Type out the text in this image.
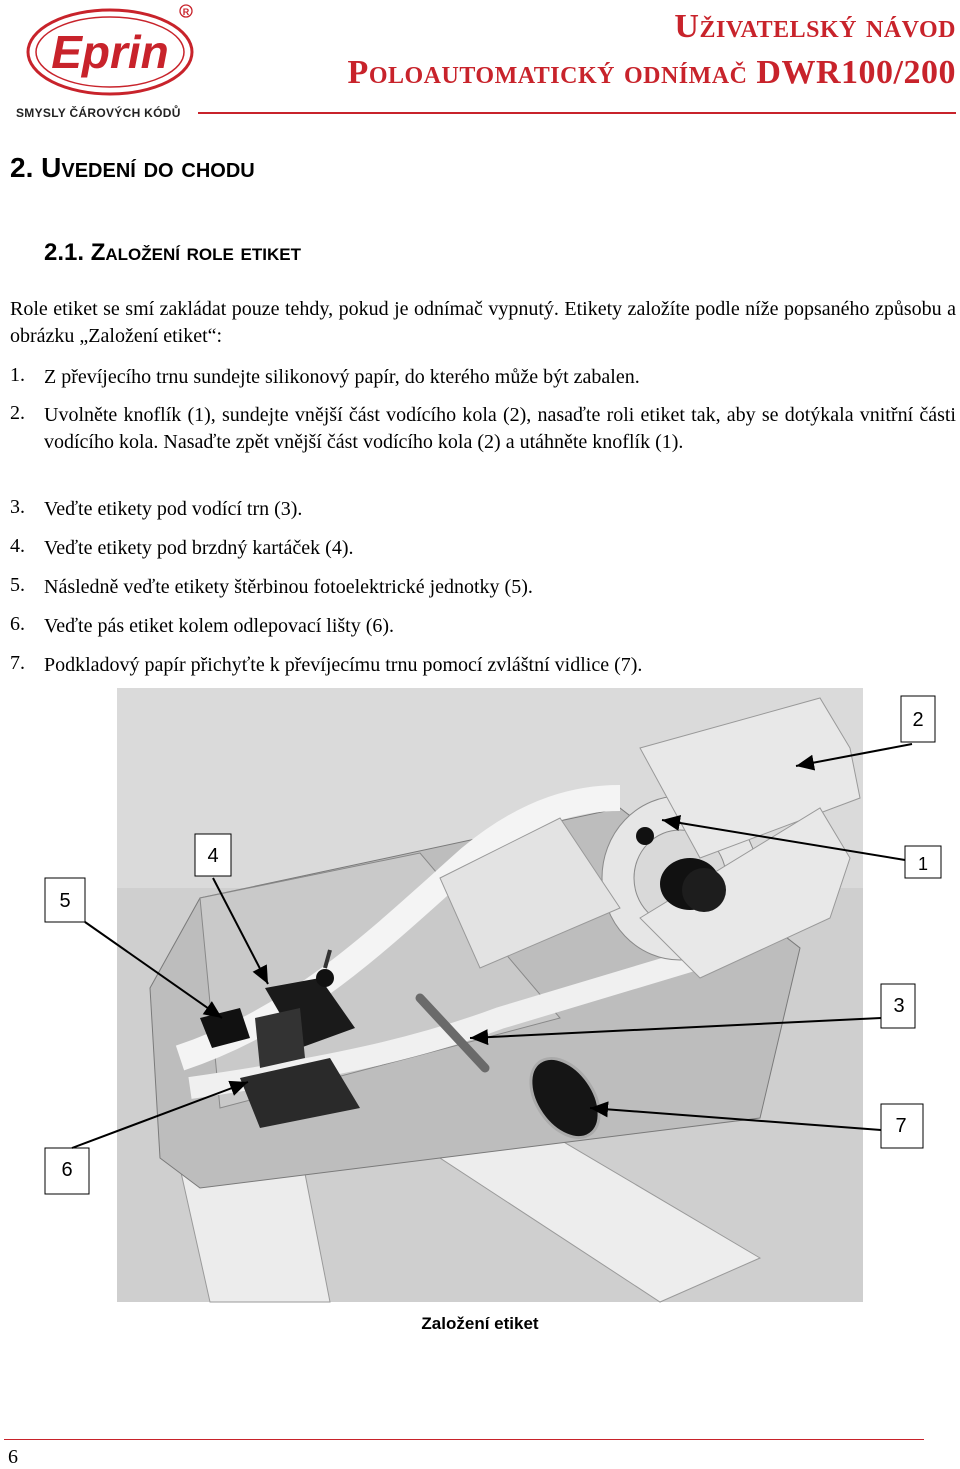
Eprin
R
SMYSLY ČÁROVÝCH KÓDŮ
Uživatelský návod
Poloautomatický odnímač DWR100/200
2. Uvedení do chodu
2.1. Založení role etiket
Role etiket se smí zakládat pouze tehdy, pokud je odnímač vypnutý. Etikety založíte podle níže popsaného způsobu a obrázku „Založení etiket“:
1. Z převíjecího trnu sundejte silikonový papír, do kterého může být zabalen.
2. Uvolněte knoflík (1), sundejte vnější část vodícího kola (2), nasaďte roli etiket tak, aby se dotýkala vnitřní části vodícího kola. Nasaďte zpět vnější část vodícího kola (2) a utáhněte knoflík (1).
3. Veďte etikety pod vodící trn (3).
4. Veďte etikety pod brzdný kartáček (4).
5. Následně veďte etikety štěrbinou fotoelektrické jednotky (5).
6. Veďte pás etiket kolem odlepovací lišty (6).
7. Podkladový papír přichyťte k převíjecímu trnu pomocí zvláštní vidlice (7).
2
1
4
5
3
7
6
Založení etiket
6
